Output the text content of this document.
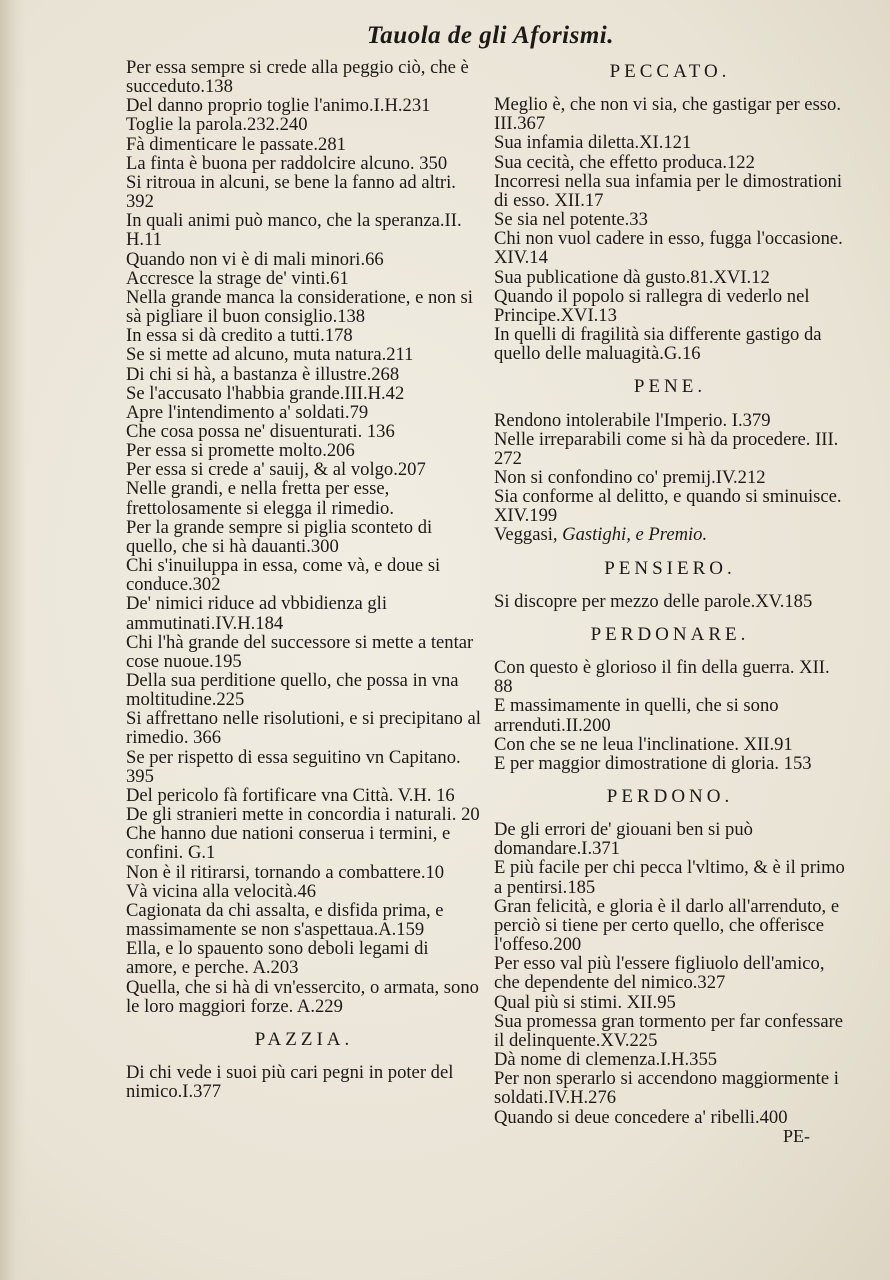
Tauola de gli Aforismi.

Per essa sempre si crede alla peggio ciò, che è succeduto.138

Del danno proprio toglie l'animo.I.H.231

Toglie la parola.232.240

Fà dimenticare le passate.281

La finta è buona per raddolcire alcuno. 350

Si ritroua in alcuni, se bene la fanno ad altri. 392

In quali animi può manco, che la speranza.II. H.11

Quando non vi è di mali minori.66

Accresce la strage de' vinti.61

Nella grande manca la consideratione, e non si sà pigliare il buon consiglio.138

In essa si dà credito a tutti.178

Se si mette ad alcuno, muta natura.211

Di chi si hà, a bastanza è illustre.268

Se l'accusato l'habbia grande.III.H.42

Apre l'intendimento a' soldati.79

Che cosa possa ne' disuenturati. 136

Per essa si promette molto.206

Per essa si crede a' sauij, & al volgo.207

Nelle grandi, e nella fretta per esse, frettolosamente si elegga il rimedio.

Per la grande sempre si piglia sconteto di quello, che si hà dauanti.300

Chi s'inuiluppa in essa, come và, e doue si conduce.302

De' nimici riduce ad vbbidienza gli ammutinati.IV.H.184

Chi l'hà grande del successore si mette a tentar cose nuoue.195

Della sua perditione quello, che possa in vna moltitudine.225

Si affrettano nelle risolutioni, e si precipitano al rimedio. 366

Se per rispetto di essa seguitino vn Capitano. 395

Del pericolo fà fortificare vna Città. V.H. 16

De gli stranieri mette in concordia i naturali. 20

Che hanno due nationi conserua i termini, e confini. G.1

Non è il ritirarsi, tornando a combattere.10

Và vicina alla velocità.46

Cagionata da chi assalta, e disfida prima, e massimamente se non s'aspettaua.A.159

Ella, e lo spauento sono deboli legami di amore, e perche. A.203

Quella, che si hà di vn'essercito, o armata, sono le loro maggiori forze. A.229

PAZZIA.

Di chi vede i suoi più cari pegni in poter del nimico.I.377

PECCATO.

Meglio è, che non vi sia, che gastigar per esso. III.367

Sua infamia diletta.XI.121

Sua cecità, che effetto produca.122

Incorresi nella sua infamia per le dimostrationi di esso. XII.17

Se sia nel potente.33

Chi non vuol cadere in esso, fugga l'occasione. XIV.14

Sua publicatione dà gusto.81.XVI.12

Quando il popolo si rallegra di vederlo nel Principe.XVI.13

In quelli di fragilità sia differente gastigo da quello delle maluagità.G.16

PENE.

Rendono intolerabile l'Imperio. I.379

Nelle irreparabili come si hà da procedere. III. 272

Non si confondino co' premij.IV.212

Sia conforme al delitto, e quando si sminuisce. XIV.199

Veggasi, Gastighi, e Premio.

PENSIERO.

Si discopre per mezzo delle parole.XV.185

PERDONARE.

Con questo è glorioso il fin della guerra. XII. 88

E massimamente in quelli, che si sono arrenduti.II.200

Con che se ne leua l'inclinatione. XII.91

E per maggior dimostratione di gloria. 153

PERDONO.

De gli errori de' giouani ben si può domandare.I.371

E più facile per chi pecca l'vltimo, & è il primo a pentirsi.185

Gran felicità, e gloria è il darlo all'arrenduto, e perciò si tiene per certo quello, che offerisce l'offeso.200

Per esso val più l'essere figliuolo dell'amico, che dependente del nimico.327

Qual più si stimi. XII.95

Sua promessa gran tormento per far confessare il delinquente.XV.225

Dà nome di clemenza.I.H.355

Per non sperarlo si accendono maggiormente i soldati.IV.H.276

Quando si deue concedere a' ribelli.400

PE-
